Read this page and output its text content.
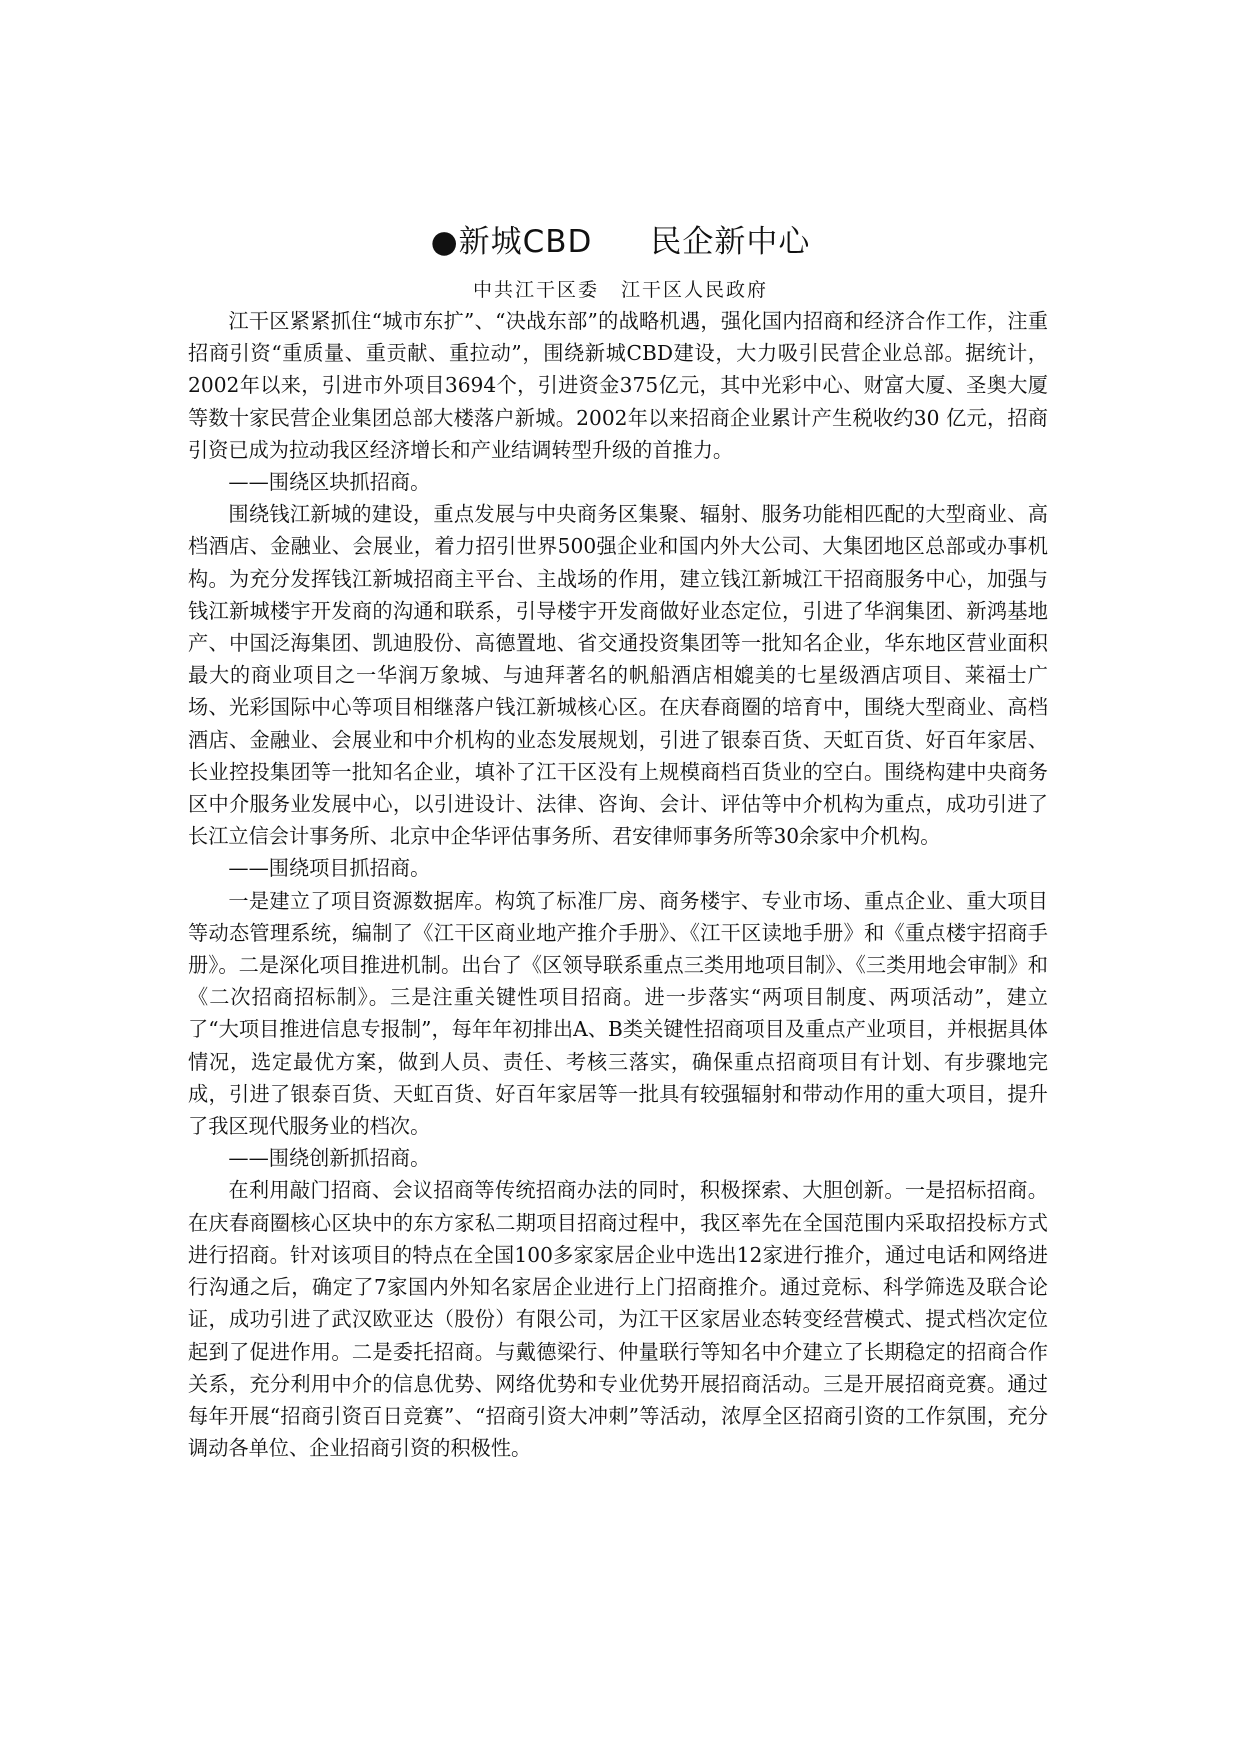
●新城CBD 民企新中心
中共江干区委 江干区人民政府

江干区紧紧抓住“城市东扩”、“决战东部”的战略机遇，强化国内招商和经济合作工作，注重招商引资“重质量、重贡献、重拉动”，围绕新城CBD建设，大力吸引民营企业总部。据统计，2002年以来，引进市外项目3694个，引进资金375亿元，其中光彩中心、财富大厦、圣奥大厦等数十家民营企业集团总部大楼落户新城。2002年以来招商企业累计产生税收约30 亿元，招商引资已成为拉动我区经济增长和产业结调转型升级的首推力。

——围绕区块抓招商。

围绕钱江新城的建设，重点发展与中央商务区集聚、辐射、服务功能相匹配的大型商业、高档酒店、金融业、会展业，着力招引世界500强企业和国内外大公司、大集团地区总部或办事机构。为充分发挥钱江新城招商主平台、主战场的作用，建立钱江新城江干招商服务中心，加强与钱江新城楼宇开发商的沟通和联系，引导楼宇开发商做好业态定位，引进了华润集团、新鸿基地产、中国泛海集团、凯迪股份、高德置地、省交通投资集团等一批知名企业，华东地区营业面积最大的商业项目之一华润万象城、与迪拜著名的帆船酒店相媲美的七星级酒店项目、莱福士广场、光彩国际中心等项目相继落户钱江新城核心区。在庆春商圈的培育中，围绕大型商业、高档酒店、金融业、会展业和中介机构的业态发展规划，引进了银泰百货、天虹百货、好百年家居、长业控投集团等一批知名企业，填补了江干区没有上规模商档百货业的空白。围绕构建中央商务区中介服务业发展中心，以引进设计、法律、咨询、会计、评估等中介机构为重点，成功引进了长江立信会计事务所、北京中企华评估事务所、君安律师事务所等30余家中介机构。

——围绕项目抓招商。

一是建立了项目资源数据库。构筑了标准厂房、商务楼宇、专业市场、重点企业、重大项目等动态管理系统，编制了《江干区商业地产推介手册》、《江干区读地手册》和《重点楼宇招商手册》。二是深化项目推进机制。出台了《区领导联系重点三类用地项目制》、《三类用地会审制》和《二次招商招标制》。三是注重关键性项目招商。进一步落实“两项目制度、两项活动”，建立了“大项目推进信息专报制”，每年年初排出A、B类关键性招商项目及重点产业项目，并根据具体情况，选定最优方案，做到人员、责任、考核三落实，确保重点招商项目有计划、有步骤地完成，引进了银泰百货、天虹百货、好百年家居等一批具有较强辐射和带动作用的重大项目，提升了我区现代服务业的档次。

——围绕创新抓招商。

在利用敲门招商、会议招商等传统招商办法的同时，积极探索、大胆创新。一是招标招商。在庆春商圈核心区块中的东方家私二期项目招商过程中，我区率先在全国范围内采取招投标方式进行招商。针对该项目的特点在全国100多家家居企业中选出12家进行推介，通过电话和网络进行沟通之后，确定了7家国内外知名家居企业进行上门招商推介。通过竞标、科学筛选及联合论证，成功引进了武汉欧亚达（股份）有限公司，为江干区家居业态转变经营模式、提式档次定位起到了促进作用。二是委托招商。与戴德梁行、仲量联行等知名中介建立了长期稳定的招商合作关系，充分利用中介的信息优势、网络优势和专业优势开展招商活动。三是开展招商竞赛。通过每年开展“招商引资百日竞赛”、“招商引资大冲刺”等活动，浓厚全区招商引资的工作氛围，充分调动各单位、企业招商引资的积极性。
